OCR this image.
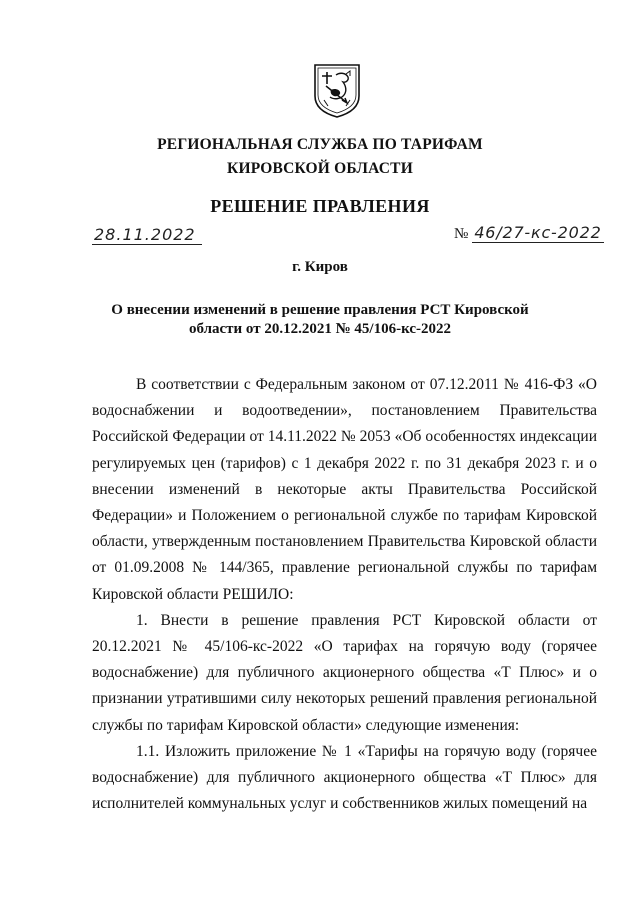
РЕГИОНАЛЬНАЯ СЛУЖБА ПО ТАРИФАМ
КИРОВСКОЙ ОБЛАСТИ
РЕШЕНИЕ ПРАВЛЕНИЯ
28.11.2022	№ 46/27-кс-2022
г. Киров
О внесении изменений в решение правления РСТ Кировской
области от 20.12.2021 № 45/106-кс-2022

В соответствии с Федеральным законом от 07.12.2011 № 416-ФЗ «О водоснабжении и водоотведении», постановлением Правительства Российской Федерации от 14.11.2022 № 2053 «Об особенностях индексации регулируемых цен (тарифов) с 1 декабря 2022 г. по 31 декабря 2023 г. и о внесении изменений в некоторые акты Правительства Российской Федерации» и Положением о региональной службе по тарифам Кировской области, утвержденным постановлением Правительства Кировской области от 01.09.2008 № 144/365, правление региональной службы по тарифам Кировской области РЕШИЛО:

1. Внести в решение правления РСТ Кировской области от 20.12.2021 № 45/106-кс-2022 «О тарифах на горячую воду (горячее водоснабжение) для публичного акционерного общества «Т Плюс» и о признании утратившими силу некоторых решений правления региональной службы по тарифам Кировской области» следующие изменения:

1.1. Изложить приложение № 1 «Тарифы на горячую воду (горячее водоснабжение) для публичного акционерного общества «Т Плюс» для исполнителей коммунальных услуг и собственников жилых помещений на
